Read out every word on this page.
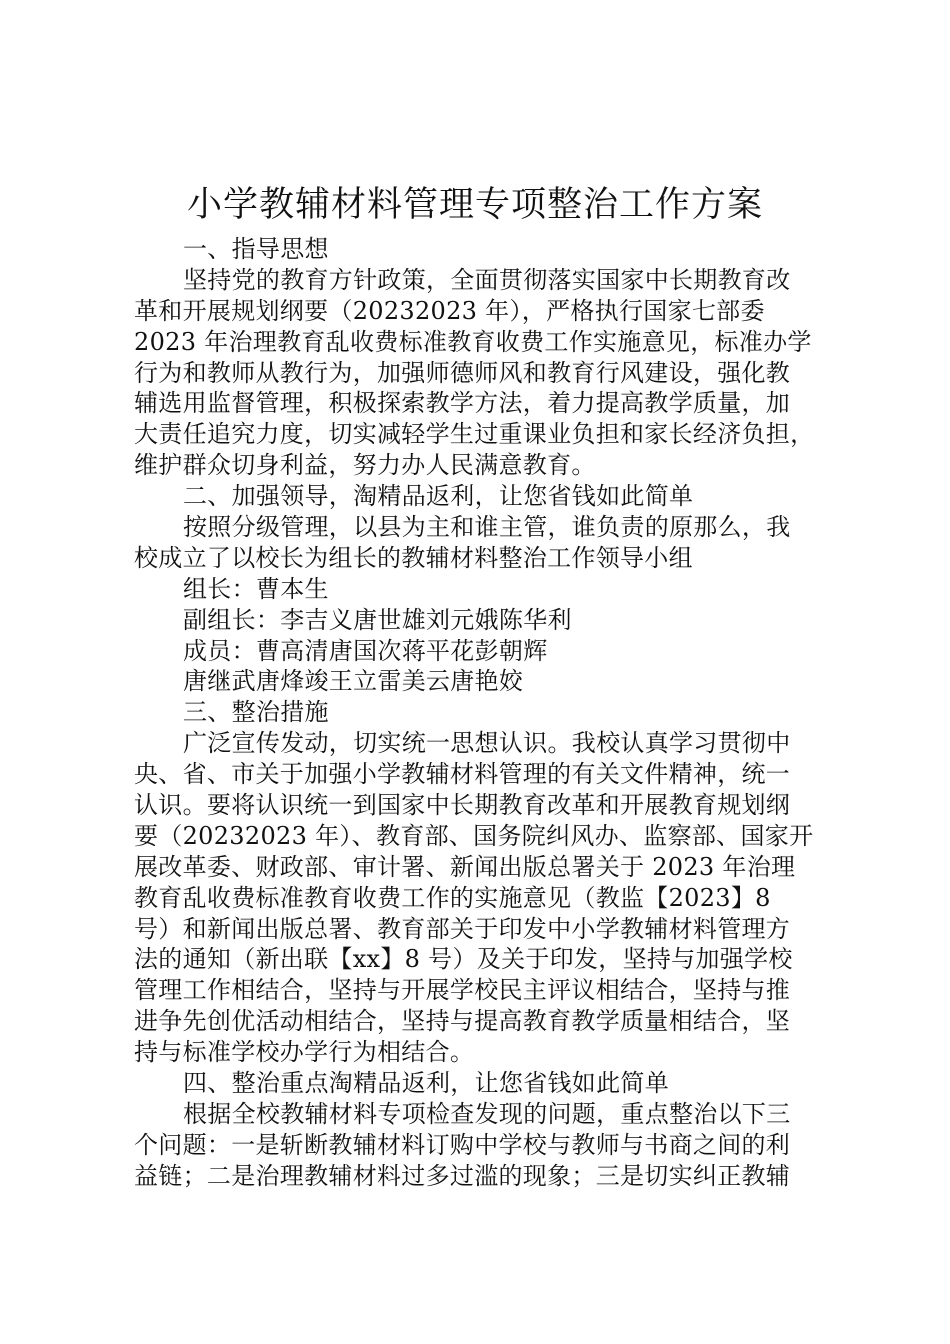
小学教辅材料管理专项整治工作方案
一、指导思想
坚持党的教育方针政策，全面贯彻落实国家中长期教育改
革和开展规划纲要（20232023 年），严格执行国家七部委
2023 年治理教育乱收费标准教育收费工作实施意见，标准办学
行为和教师从教行为，加强师德师风和教育行风建设，强化教
辅选用监督管理，积极探索教学方法，着力提高教学质量，加
大责任追究力度，切实减轻学生过重课业负担和家长经济负担，
维护群众切身利益，努力办人民满意教育。
二、加强领导，淘精品返利，让您省钱如此简单
按照分级管理，以县为主和谁主管，谁负责的原那么，我
校成立了以校长为组长的教辅材料整治工作领导小组
组长：曹本生
副组长：李吉义唐世雄刘元娥陈华利
成员：曹高清唐国次蒋平花彭朝辉
唐继武唐烽竣王立雷美云唐艳姣
三、整治措施
广泛宣传发动，切实统一思想认识。我校认真学习贯彻中
央、省、市关于加强小学教辅材料管理的有关文件精神，统一
认识。要将认识统一到国家中长期教育改革和开展教育规划纲
要（20232023 年）、教育部、国务院纠风办、监察部、国家开
展改革委、财政部、审计署、新闻出版总署关于 2023 年治理
教育乱收费标准教育收费工作的实施意见（教监【2023】8
号）和新闻出版总署、教育部关于印发中小学教辅材料管理方
法的通知（新出联【xx】8 号）及关于印发，坚持与加强学校
管理工作相结合，坚持与开展学校民主评议相结合，坚持与推
进争先创优活动相结合，坚持与提高教育教学质量相结合，坚
持与标准学校办学行为相结合。
四、整治重点淘精品返利，让您省钱如此简单
根据全校教辅材料专项检查发现的问题，重点整治以下三
个问题：一是斩断教辅材料订购中学校与教师与书商之间的利
益链；二是治理教辅材料过多过滥的现象；三是切实纠正教辅
